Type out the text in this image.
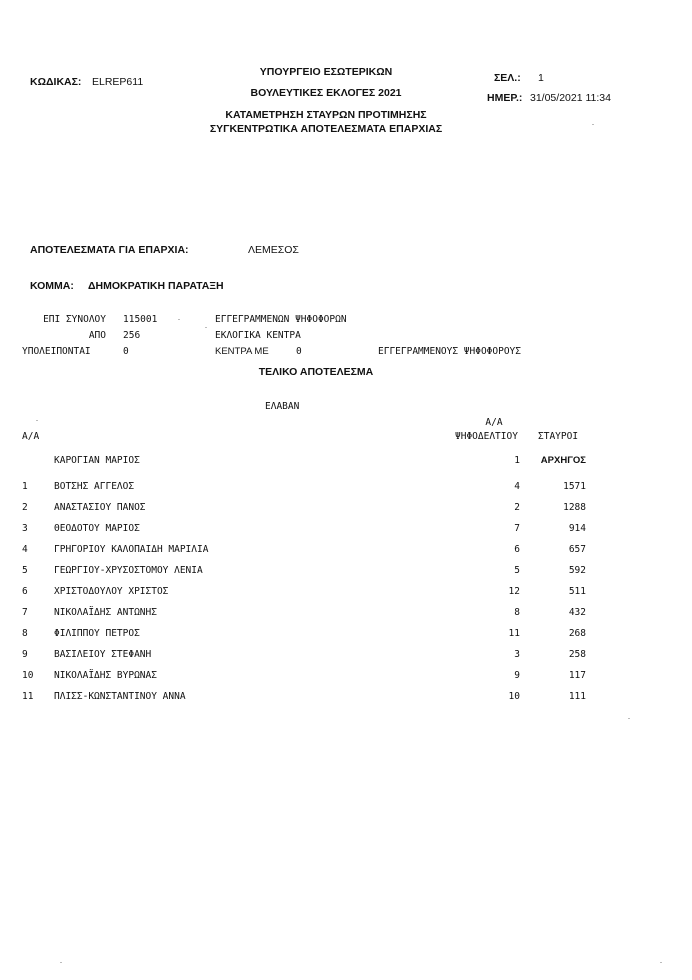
ΚΩΔΙΚΑΣ: ELREP611
ΥΠΟΥΡΓΕΙΟ ΕΣΩΤΕΡΙΚΩΝ
ΒΟΥΛΕΥΤΙΚΕΣ ΕΚΛΟΓΕΣ 2021
ΚΑΤΑΜΕΤΡΗΣΗ ΣΤΑΥΡΩΝ ΠΡΟΤΙΜΗΣΗΣ
ΣΥΓΚΕΝΤΡΩΤΙΚΑ ΑΠΟΤΕΛΕΣΜΑΤΑ ΕΠΑΡΧΙΑΣ
ΣΕΛ.: 1
ΗΜΕΡ.: 31/05/2021 11:34
ΑΠΟΤΕΛΕΣΜΑΤΑ ΓΙΑ ΕΠΑΡΧΙΑ:	ΛΕΜΕΣΟΣ
ΚΟΜΜΑ: ΔΗΜΟΚΡΑΤΙΚΗ ΠΑΡΑΤΑΞΗ
ΕΠΙ ΣΥΝΟΛΟΥ 115001	ΕΓΓΕΓΡΑΜΜΕΝΩΝ ΨΗΦΟΦΟΡΩΝ
ΑΠΟ 256	ΕΚΛΟΓΙΚΑ ΚΕΝΤΡΑ
ΥΠΟΛΕΙΠΟΝΤΑΙ	0	ΚΕΝΤΡΑ ΜΕ	0	ΕΓΓΕΓΡΑΜΜΕΝΟΥΣ ΨΗΦΟΦΟΡΟΥΣ
ΤΕΛΙΚΟ ΑΠΟΤΕΛΕΣΜΑ
ΕΛΑΒΑΝ
Α/Α
Α/Α
ΨΗΦΟΔΕΛΤΙΟΥ ΣΤΑΥΡΟΙ
ΚΑΡΟΓΙΑΝ ΜΑΡΙΟΣ	1	ΑΡΧΗΓΟΣ
1	ΒΟΤΣΗΣ ΑΓΓΕΛΟΣ	4	1571
2	ΑΝΑΣΤΑΣΙΟΥ ΠΑΝΟΣ	2	1288
3	ΘΕΟΔΟΤΟΥ ΜΑΡΙΟΣ	7	914
4	ΓΡΗΓΟΡΙΟΥ ΚΑΛΟΠΑΙΔΗ ΜΑΡΙΛΙΑ	6	657
5	ΓΕΩΡΓΙΟΥ-ΧΡΥΣΟΣΤΟΜΟΥ ΛΕΝΙΑ	5	592
6	ΧΡΙΣΤΟΔΟΥΛΟΥ ΧΡΙΣΤΟΣ	12	511
7	ΝΙΚΟΛΑΪΔΗΣ ΑΝΤΩΝΗΣ	8	432
8	ΦΙΛΙΠΠΟΥ ΠΕΤΡΟΣ	11	268
9	ΒΑΣΙΛΕΙΟΥ ΣΤΕΦΑΝΗ	3	258
10 ΝΙΚΟΛΑΪΔΗΣ ΒΥΡΩΝΑΣ	9	117
11 ΠΛΙΣΣ-ΚΩΝΣΤΑΝΤΙΝΟΥ ΑΝΝΑ	10	111
